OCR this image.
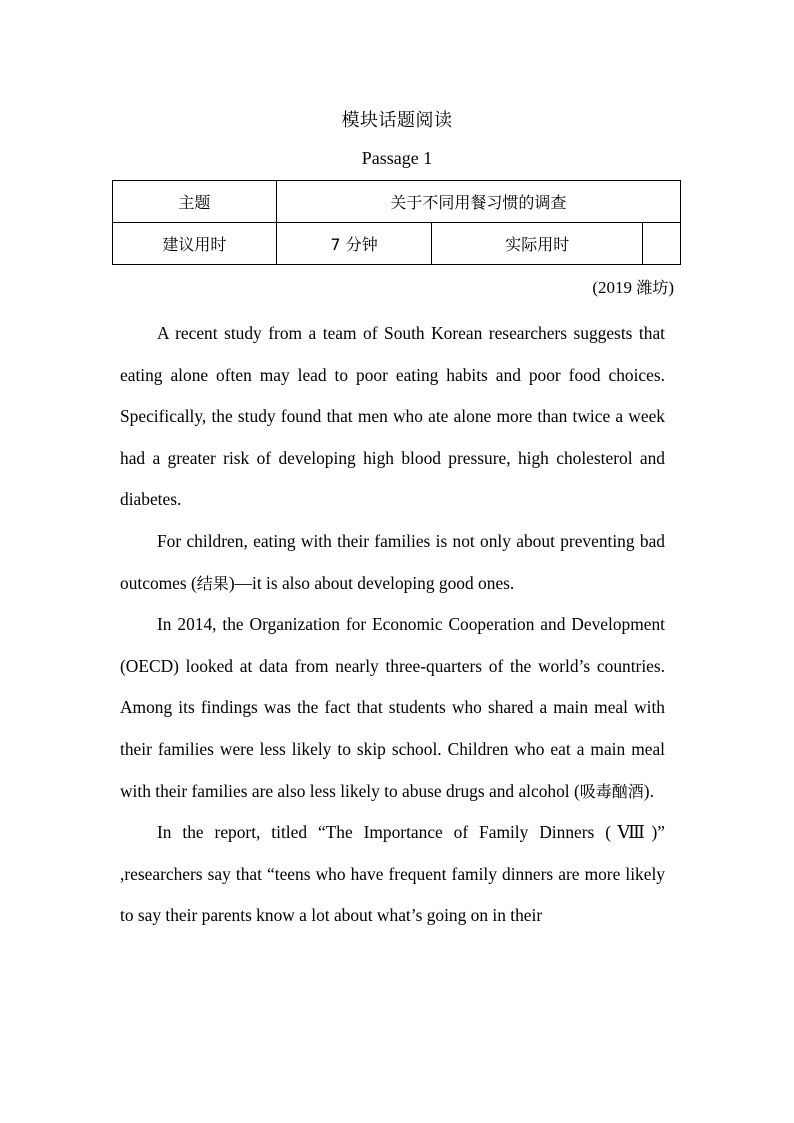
模块话题阅读
Passage 1
主题	关于不同用餐习惯的调查		
建议用时	7 分钟	实际用时	
(2019 潍坊)

A recent study from a team of South Korean researchers suggests that eating alone often may lead to poor eating habits and poor food choices. Specifically, the study found that men who ate alone more than twice a week had a greater risk of developing high blood pressure, high cholesterol and diabetes.

For children, eating with their families is not only about preventing bad outcomes (结果)—it is also about developing good ones.

In 2014, the Organization for Economic Cooperation and Development (OECD) looked at data from nearly three-quarters of the world’s countries. Among its findings was the fact that students who shared a main meal with their families were less likely to skip school. Children who eat a main meal with their families are also less likely to abuse drugs and alcohol (吸毒酗酒).

In the report, titled “The Importance of Family Dinners (Ⅷ)” ,researchers say that “teens who have frequent family dinners are more likely to say their parents know a lot about what’s going on in their
